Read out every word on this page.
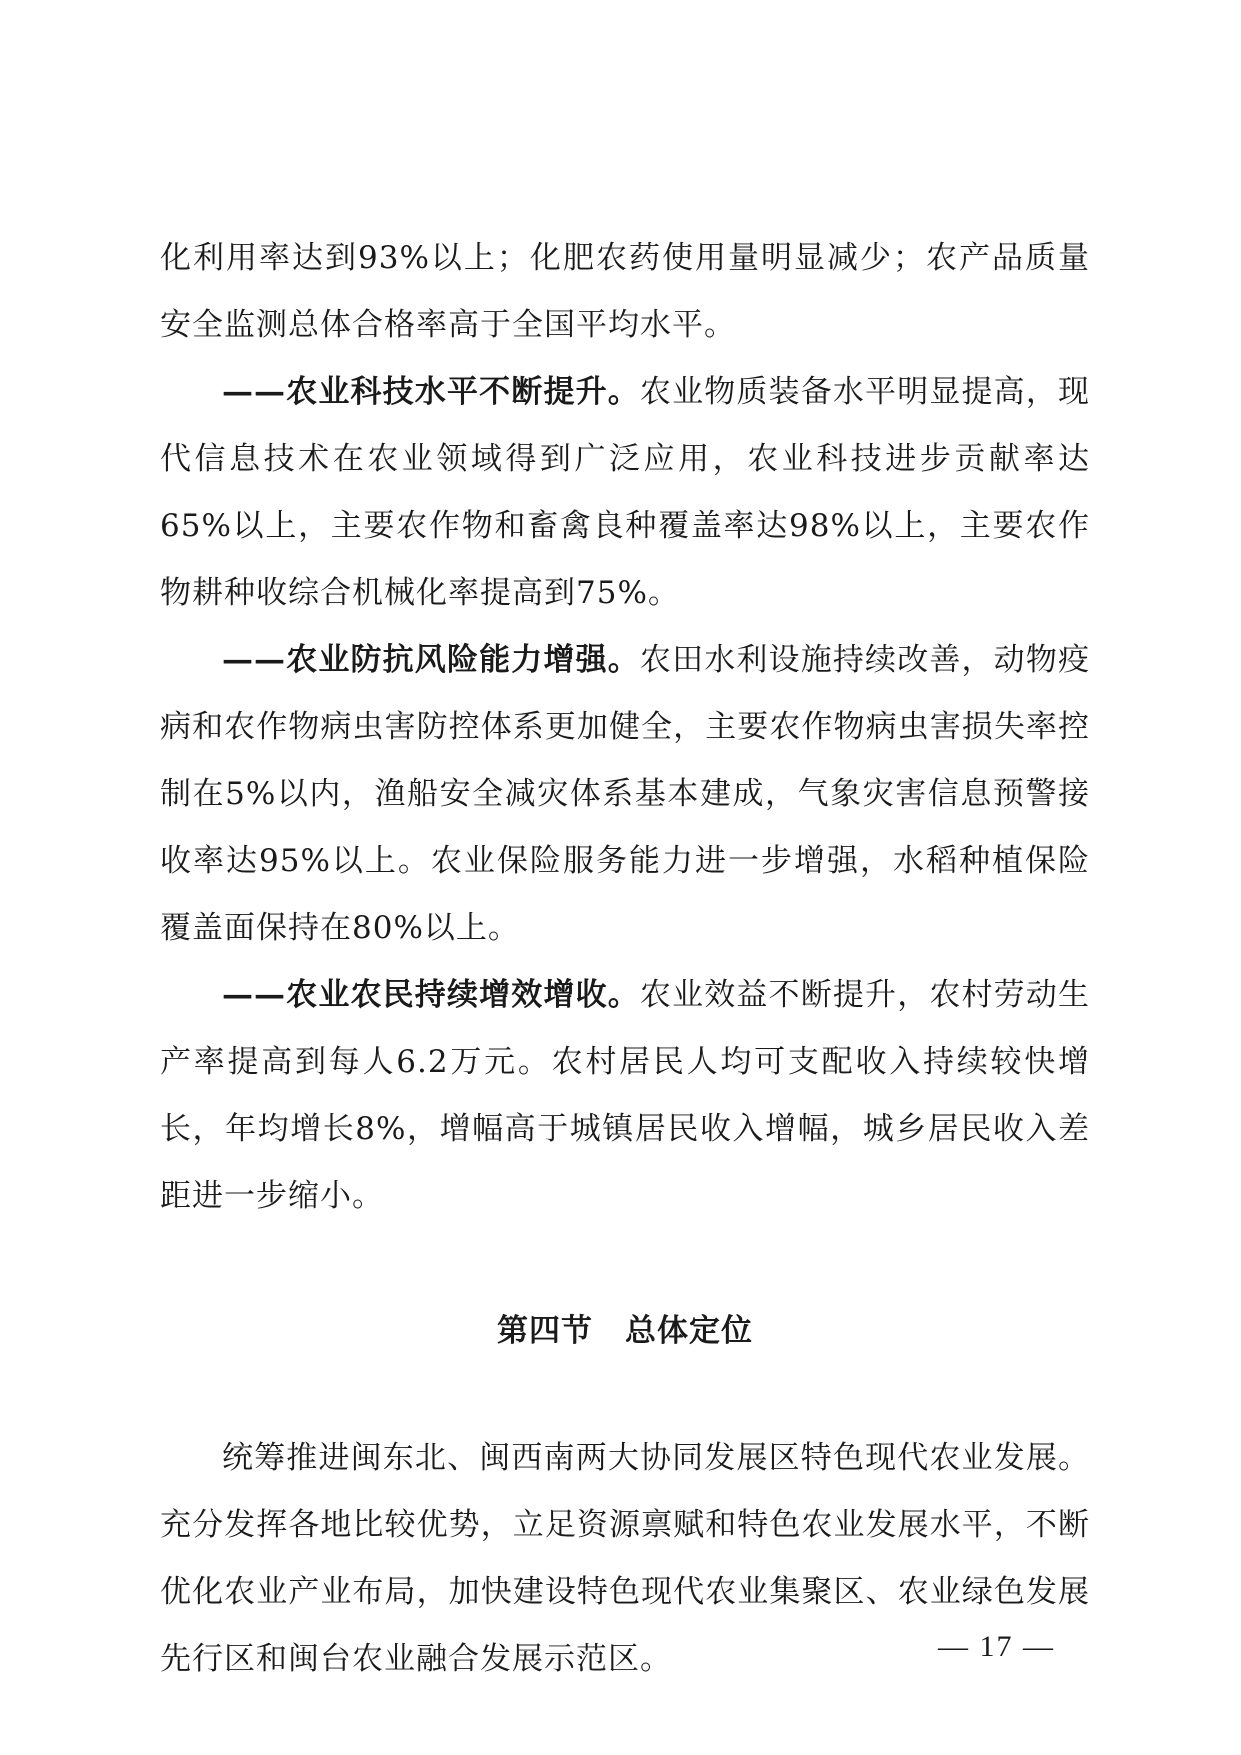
化利用率达到93%以上；化肥农药使用量明显减少；农产品质量安全监测总体合格率高于全国平均水平。

——农业科技水平不断提升。农业物质装备水平明显提高，现代信息技术在农业领域得到广泛应用，农业科技进步贡献率达65%以上，主要农作物和畜禽良种覆盖率达98%以上，主要农作物耕种收综合机械化率提高到75%。

——农业防抗风险能力增强。农田水利设施持续改善，动物疫病和农作物病虫害防控体系更加健全，主要农作物病虫害损失率控制在5%以内，渔船安全减灾体系基本建成，气象灾害信息预警接收率达95%以上。农业保险服务能力进一步增强，水稻种植保险覆盖面保持在80%以上。

——农业农民持续增效增收。农业效益不断提升，农村劳动生产率提高到每人6.2万元。农村居民人均可支配收入持续较快增长，年均增长8%，增幅高于城镇居民收入增幅，城乡居民收入差距进一步缩小。

第四节　总体定位

统筹推进闽东北、闽西南两大协同发展区特色现代农业发展。充分发挥各地比较优势，立足资源禀赋和特色农业发展水平，不断优化农业产业布局，加快建设特色现代农业集聚区、农业绿色发展先行区和闽台农业融合发展示范区。	— 17 —
